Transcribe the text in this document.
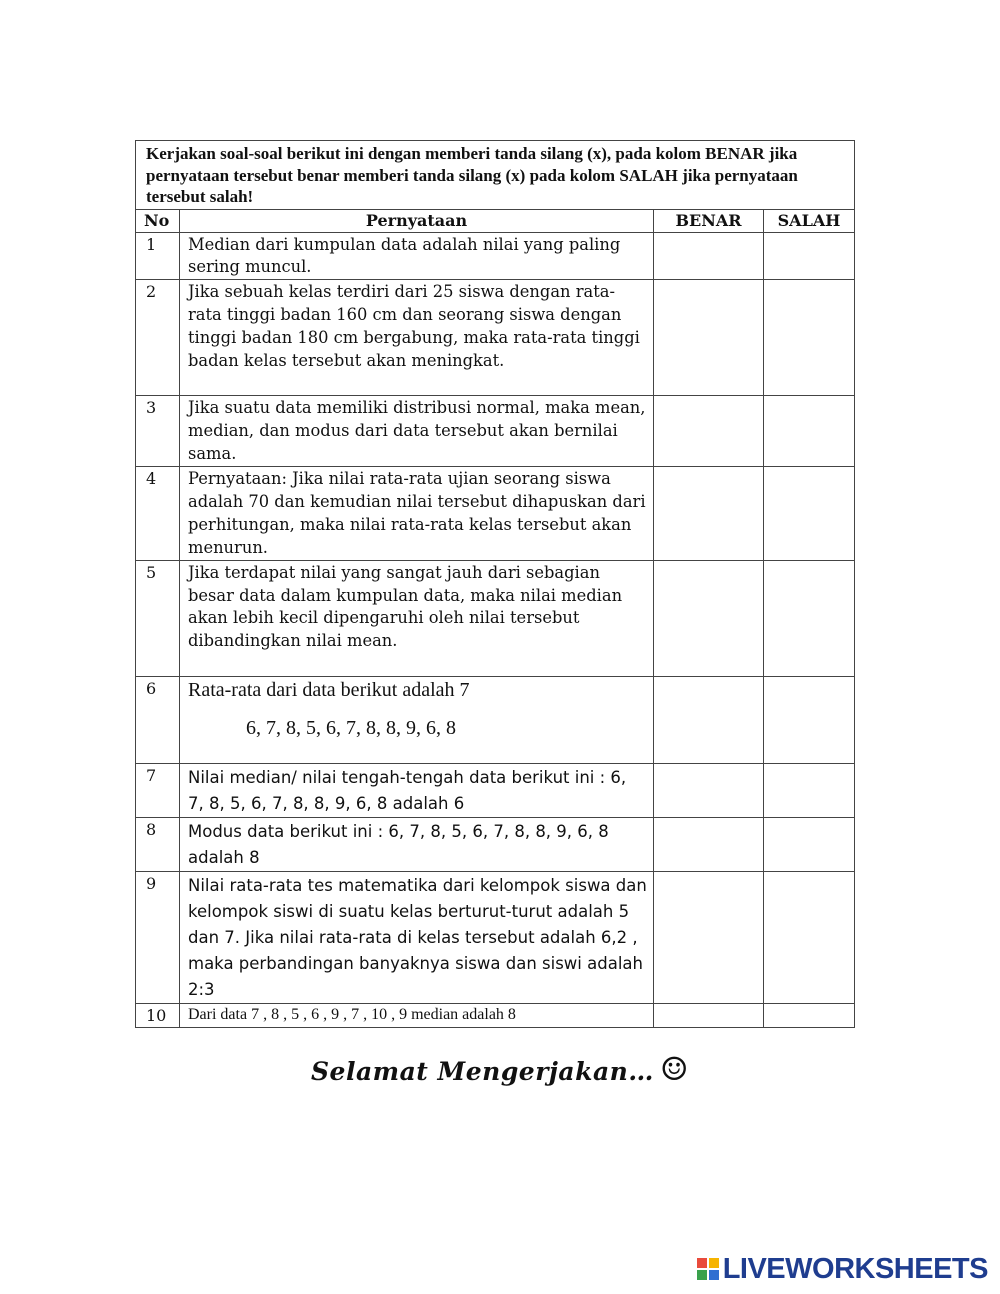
Kerjakan soal-soal berikut ini dengan memberi tanda silang (x), pada kolom BENAR jika pernyataan tersebut benar memberi tanda silang (x) pada kolom SALAH jika pernyataan tersebut salah!			
No	Pernyataan	BENAR	SALAH
1	Median dari kumpulan data adalah nilai yang paling sering muncul.		
2	Jika sebuah kelas terdiri dari 25 siswa dengan rata-rata tinggi badan 160 cm dan seorang siswa dengan tinggi badan 180 cm bergabung, maka rata-rata tinggi badan kelas tersebut akan meningkat.		
3	Jika suatu data memiliki distribusi normal, maka mean, median, dan modus dari data tersebut akan bernilai sama.		
4	Pernyataan: Jika nilai rata-rata ujian seorang siswa adalah 70 dan kemudian nilai tersebut dihapuskan dari perhitungan, maka nilai rata-rata kelas tersebut akan menurun.		
5	Jika terdapat nilai yang sangat jauh dari sebagian besar data dalam kumpulan data, maka nilai median akan lebih kecil dipengaruhi oleh nilai tersebut dibandingkan nilai mean.		
6	Rata-rata dari data berikut adalah 7
6, 7, 8, 5, 6, 7, 8, 8, 9, 6, 8		

7	Nilai median/ nilai tengah-tengah data berikut ini : 6, 7, 8, 5, 6, 7, 8, 8, 9, 6, 8 adalah 6		
8	Modus data berikut ini : 6, 7, 8, 5, 6, 7, 8, 8, 9, 6, 8 adalah 8		
9	Nilai rata-rata tes matematika dari kelompok siswa dan kelompok siswi di suatu kelas berturut-turut adalah 5 dan 7. Jika nilai rata-rata di kelas tersebut adalah 6,2 , maka perbandingan banyaknya siswa dan siswi adalah 2:3		
10	Dari data 7 , 8 , 5 , 6 , 9 , 7 , 10 , 9 median adalah 8		
Selamat Mengerjakan… ☺
LIVEWORKSHEETS
